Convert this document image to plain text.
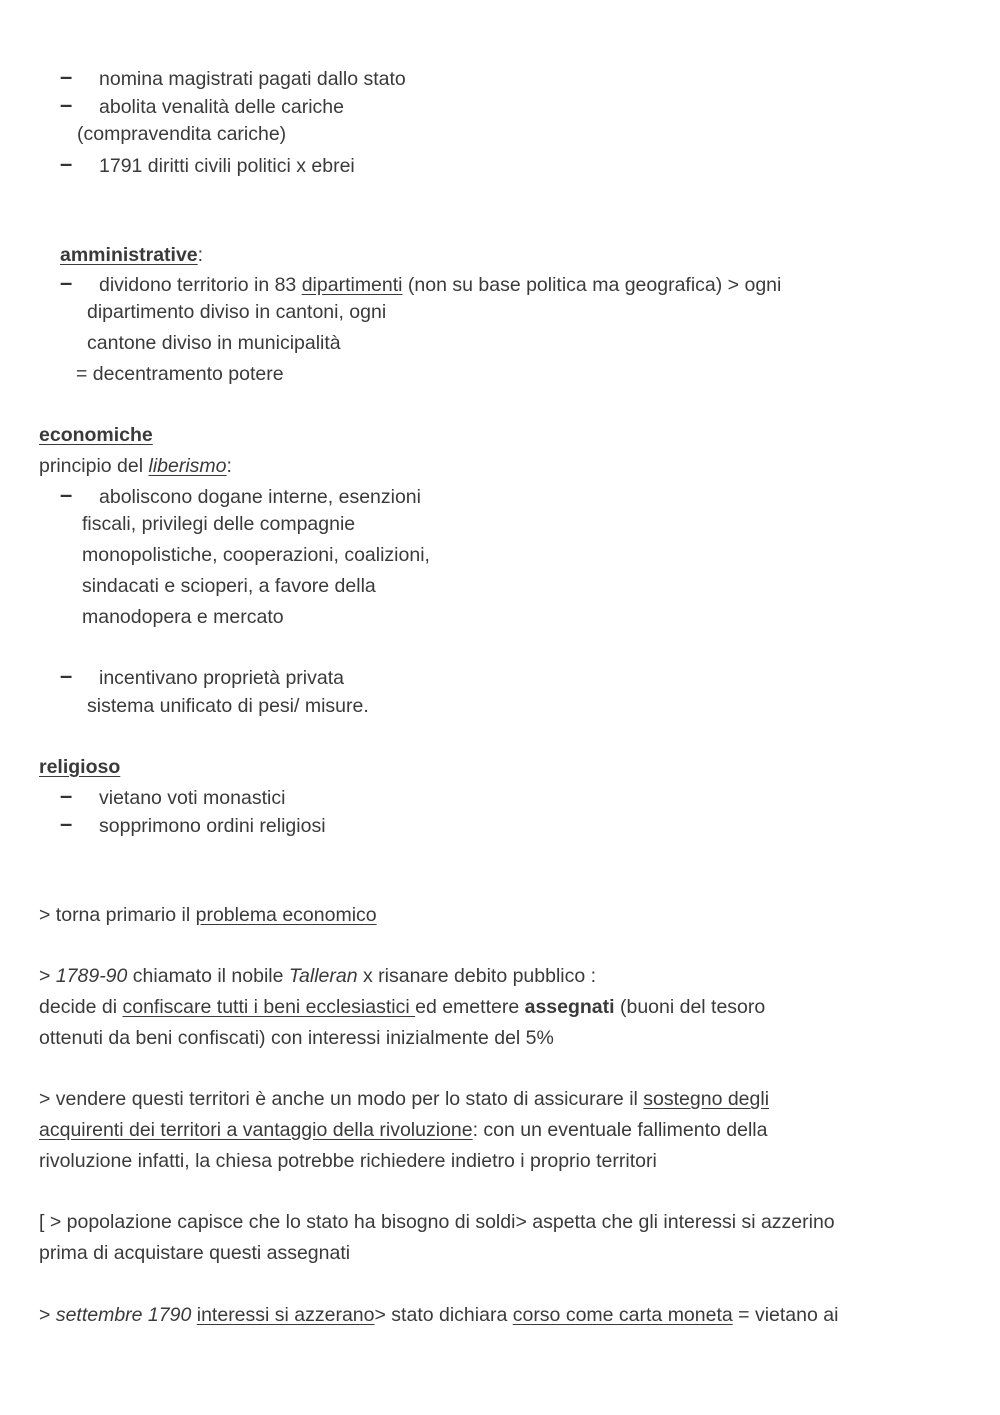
– nomina magistrati pagati dallo stato
– abolita venalità delle cariche
(compravendita cariche)
– 1791 diritti civili politici x ebrei
amministrative:
– dividono territorio in 83 dipartimenti (non su base politica ma geografica) > ogni
dipartimento diviso in cantoni, ogni
cantone diviso in municipalità
= decentramento potere
economiche
principio del liberismo:
– aboliscono dogane interne, esenzioni
fiscali, privilegi delle compagnie
monopolistiche, cooperazioni, coalizioni,
sindacati e scioperi, a favore della
manodopera e mercato
– incentivano proprietà privata
sistema unificato di pesi/ misure.
religioso
– vietano voti monastici
– sopprimono ordini religiosi
> torna primario il problema economico
> 1789-90 chiamato il nobile Talleran x risanare debito pubblico :
decide di confiscare tutti i beni ecclesiastici ed emettere assegnati (buoni del tesoro
ottenuti da beni confiscati) con interessi inizialmente del 5%
> vendere questi territori è anche un modo per lo stato di assicurare il sostegno degli
acquirenti dei territori a vantaggio della rivoluzione: con un eventuale fallimento della
rivoluzione infatti, la chiesa potrebbe richiedere indietro i proprio territori
[ > popolazione capisce che lo stato ha bisogno di soldi> aspetta che gli interessi si azzerino
prima di acquistare questi assegnati
> settembre 1790 interessi si azzerano> stato dichiara corso come carta moneta = vietano ai
